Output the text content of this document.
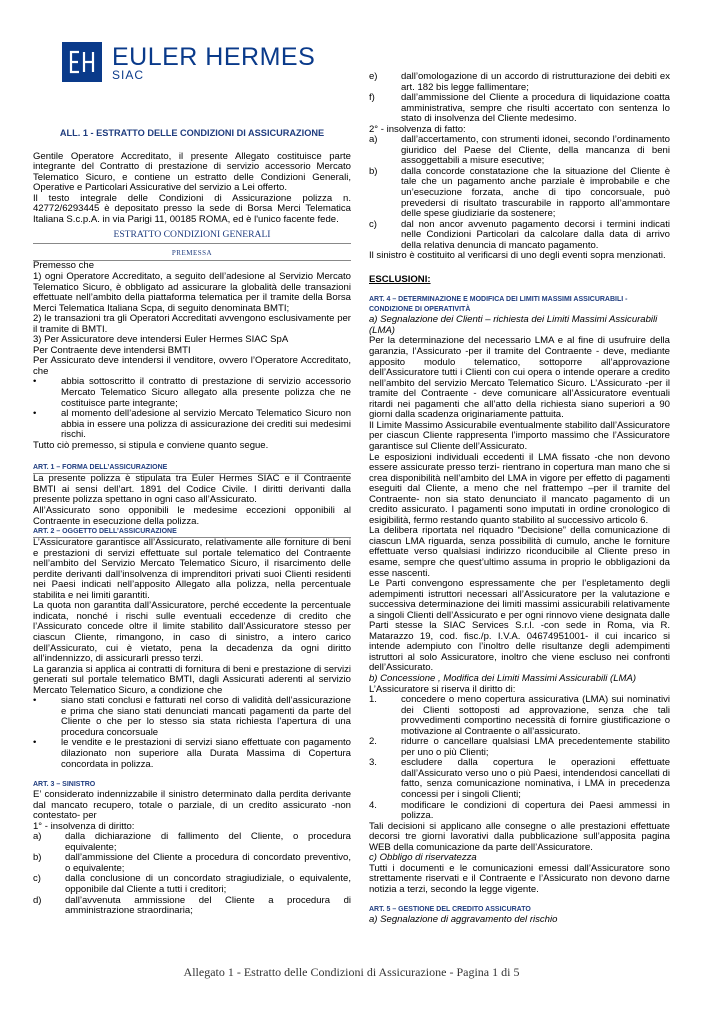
EULER HERMES
SIAC

ALL. 1 - ESTRATTO DELLE CONDIZIONI DI ASSICURAZIONE

Gentile Operatore Accreditato, il presente Allegato costituisce parte integrante del Contratto di prestazione di servizio accessorio Mercato Telematico Sicuro, e contiene un estratto delle Condizioni Generali, Operative e Particolari Assicurative del servizio a Lei offerto.

Il testo integrale delle Condizioni di Assicurazione polizza n. 42772/6293445 è depositato presso la sede di Borsa Merci Telematica Italiana S.c.p.A. in via Parigi 11, 00185 ROMA, ed è l'unico facente fede.

ESTRATTO CONDIZIONI GENERALI

PREMESSA

Premesso che

1) ogni Operatore Accreditato, a seguito dell’adesione al Servizio Mercato Telematico Sicuro, è obbligato ad assicurare la globalità delle transazioni effettuate nell’ambito della piattaforma telematica per il tramite della Borsa Merci Telematica Italiana Scpa, di seguito denominata BMTI;

2) le transazioni tra gli Operatori Accreditati avvengono esclusivamente per il tramite di BMTI.

3) Per Assicuratore deve intendersi Euler Hermes SIAC SpA

Per Contraente deve intendersi BMTI

Per Assicurato deve intendersi il venditore, ovvero l’Operatore Accreditato, che

•	abbia sottoscritto il contratto di prestazione di servizio accessorio Mercato Telematico Sicuro allegato alla presente polizza che ne costituisce parte integrante;
•	al momento dell’adesione al servizio Mercato Telematico Sicuro non abbia in essere una polizza di assicurazione dei crediti sui medesimi rischi.

Tutto ciò premesso, si stipula e conviene quanto segue.

ART. 1 – FORMA DELL’ASSICURAZIONE

La presente polizza è stipulata tra Euler Hermes SIAC e il Contraente BMTI ai sensi dell’art. 1891 del Codice Civile. I diritti derivanti dalla presente polizza spettano in ogni caso all’Assicurato.

All’Assicurato sono opponibili le medesime eccezioni opponibili al Contraente in esecuzione della polizza.

ART. 2 – OGGETTO DELL’ASSICURAZIONE

L’Assicuratore garantisce all’Assicurato, relativamente alle forniture di beni e prestazioni di servizi effettuate sul portale telematico del Contraente nell’ambito del Servizio Mercato Telematico Sicuro, il risarcimento delle perdite derivanti dall’insolvenza di imprenditori privati suoi Clienti residenti nei Paesi indicati nell’apposito Allegato alla polizza, nella percentuale stabilita e nei limiti garantiti.

La quota non garantita dall’Assicuratore, perché eccedente la percentuale indicata, nonché i rischi sulle eventuali eccedenze di credito che l’Assicurato concede oltre il limite stabilito dall’Assicuratore stesso per ciascun Cliente, rimangono, in caso di sinistro, a intero carico dell’Assicurato, cui è vietato, pena la decadenza da ogni diritto all’indennizzo, di assicurarli presso terzi.

La garanzia si applica ai contratti di fornitura di beni e prestazione di servizi generati sul portale telematico BMTI, dagli Assicurati aderenti al servizio Mercato Telematico Sicuro, a condizione che

•	siano stati conclusi e fatturati nel corso di validità dell’assicurazione e prima che siano stati denunciati mancati pagamenti da parte del Cliente o che per lo stesso sia stata richiesta l’apertura di una procedura concorsuale
•	le vendite e le prestazioni di servizi siano effettuate con pagamento dilazionato non superiore alla Durata Massima di Copertura concordata in polizza.

ART. 3 – SINISTRO

E’ considerato indennizzabile il sinistro determinato dalla perdita derivante dal mancato recupero, totale o parziale, di un credito assicurato -non contestato- per

1° - insolvenza di diritto:

a)	dalla dichiarazione di fallimento del Cliente, o procedura equivalente;
b)	dall’ammissione del Cliente a procedura di concordato preventivo, o equivalente;
c)	dalla conclusione di un concordato stragiudiziale, o equivalente, opponibile dal Cliente a tutti i creditori;
d)	dall’avvenuta ammissione del Cliente a procedura di amministrazione straordinaria;
e)	dall’omologazione di un accordo di ristrutturazione dei debiti ex art. 182 bis legge fallimentare;
f)	dall’ammissione del Cliente a procedura di liquidazione coatta amministrativa, sempre che risulti accertato con sentenza lo stato di insolvenza del Cliente medesimo.

2° - insolvenza di fatto:

a)	dall’accertamento, con strumenti idonei, secondo l’ordinamento giuridico del Paese del Cliente, della mancanza di beni assoggettabili a misure esecutive;
b)	dalla concorde constatazione che la situazione del Cliente è tale che un pagamento anche parziale è improbabile e che un’esecuzione forzata, anche di tipo concorsuale, può prevedersi di risultato trascurabile in rapporto all’ammontare delle spese giudiziarie da sostenere;
c)	dal non ancor avvenuto pagamento decorsi i termini indicati nelle Condizioni Particolari da calcolare dalla data di arrivo della relativa denuncia di mancato pagamento.

Il sinistro è costituito al verificarsi di uno degli eventi sopra menzionati.

ESCLUSIONI:

ART. 4 – DETERMINAZIONE E MODIFICA DEI LIMITI MASSIMI ASSICURABILI - CONDIZIONE DI OPERATIVITÀ

a) Segnalazione dei Clienti – richiesta dei Limiti Massimi Assicurabili (LMA)

Per la determinazione del necessario LMA e al fine di usufruire della garanzia, l’Assicurato -per il tramite del Contraente - deve, mediante apposito modulo telematico, sottoporre all’approvazione dell’Assicuratore tutti i Clienti con cui opera o intende operare a credito nell’ambito del servizio Mercato Telematico Sicuro. L’Assicurato -per il tramite del Contraente - deve comunicare all’Assicuratore eventuali ritardi nei pagamenti che all’atto della richiesta siano superiori a 90 giorni dalla scadenza originariamente pattuita.

Il Limite Massimo Assicurabile eventualmente stabilito dall’Assicuratore per ciascun Cliente rappresenta l’importo massimo che l’Assicuratore garantisce sul Cliente dell’Assicurato.

Le esposizioni individuali eccedenti il LMA fissato -che non devono essere assicurate presso terzi- rientrano in copertura man mano che si crea disponibilità nell’ambito del LMA in vigore per effetto di pagamenti eseguiti dal Cliente, a meno che nel frattempo –per il tramite del Contraente- non sia stato denunciato il mancato pagamento di un credito assicurato. I pagamenti sono imputati in ordine cronologico di esigibilità, fermo restando quanto stabilito al successivo articolo 6.

La delibera riportata nel riquadro “Decisione” della comunicazione di ciascun LMA riguarda, senza possibilità di cumulo, anche le forniture effettuate verso qualsiasi indirizzo riconducibile al Cliente preso in esame, sempre che quest’ultimo assuma in proprio le obbligazioni da esse nascenti.

Le Parti convengono espressamente che per l’espletamento degli adempimenti istruttori necessari all’Assicuratore per la valutazione e successiva determinazione dei limiti massimi assicurabili relativamente a singoli Clienti dell’Assicurato e per ogni rinnovo viene designata dalle Parti stesse la SIAC Services S.r.l. -con sede in Roma, via R. Matarazzo 19, cod. fisc./p. I.V.A. 04674951001- il cui incarico si intende adempiuto con l’inoltro delle risultanze degli adempimenti istruttori al solo Assicuratore, inoltro che viene escluso nei confronti dell’Assicurato.

b) Concessione , Modifica dei Limiti Massimi Assicurabili (LMA)

L’Assicuratore si riserva il diritto di:

1.	concedere o meno copertura assicurativa (LMA) sui nominativi dei Clienti sottoposti ad approvazione, senza che tali provvedimenti comportino necessità di fornire giustificazione o motivazione al Contraente o all’assicurato.
2.	ridurre o cancellare qualsiasi LMA precedentemente stabilito per uno o più Clienti;
3.	escludere dalla copertura le operazioni effettuate dall’Assicurato verso uno o più Paesi, intendendosi cancellati di fatto, senza comunicazione nominativa, i LMA in precedenza concessi per i singoli Clienti;
4.	modificare le condizioni di copertura dei Paesi ammessi in polizza.

Tali decisioni si applicano alle consegne o alle prestazioni effettuate decorsi tre giorni lavorativi dalla pubblicazione sull’apposita pagina WEB della comunicazione da parte dell’Assicuratore.

c) Obbligo di riservatezza

Tutti i documenti e le comunicazioni emessi dall’Assicuratore sono strettamente riservati e il Contraente e l’Assicurato non devono darne notizia a terzi, secondo la legge vigente.

ART. 5 – GESTIONE DEL CREDITO ASSICURATO

a) Segnalazione di aggravamento del rischio

Allegato 1 - Estratto delle Condizioni di Assicurazione - Pagina 1 di 5
